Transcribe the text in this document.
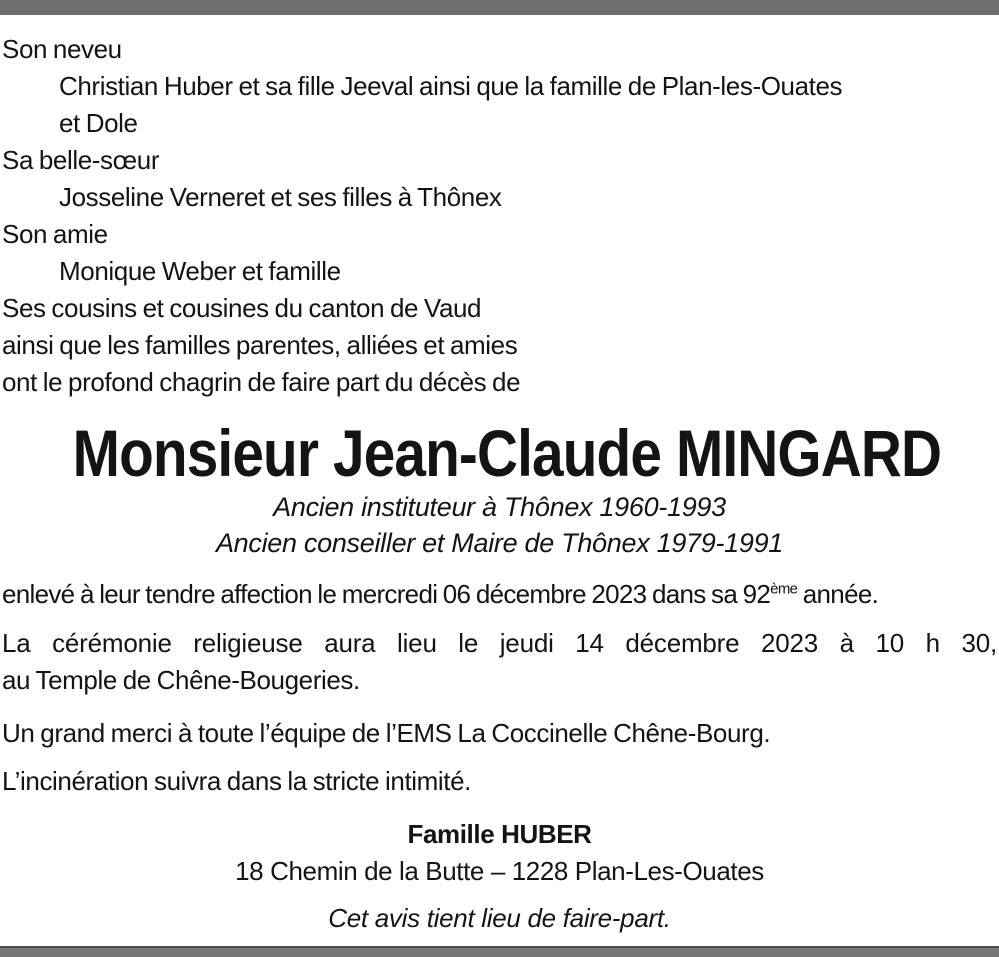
Son neveu
Christian Huber et sa fille Jeeval ainsi que la famille de Plan-les-Ouates
et Dole
Sa belle-sœur
Josseline Verneret et ses filles à Thônex
Son amie
Monique Weber et famille
Ses cousins et cousines du canton de Vaud
ainsi que les familles parentes, alliées et amies
ont le profond chagrin de faire part du décès de
Monsieur Jean-Claude MINGARD
Ancien instituteur à Thônex 1960-1993
Ancien conseiller et Maire de Thônex 1979-1991
enlevé à leur tendre affection le mercredi 06 décembre 2023 dans sa 92ème année.
La cérémonie religieuse aura lieu le jeudi 14 décembre 2023 à 10 h 30,
au Temple de Chêne-Bougeries.
Un grand merci à toute l’équipe de l’EMS La Coccinelle Chêne-Bourg.
L’incinération suivra dans la stricte intimité.
Famille HUBER
18 Chemin de la Butte – 1228 Plan-Les-Ouates
Cet avis tient lieu de faire-part.
